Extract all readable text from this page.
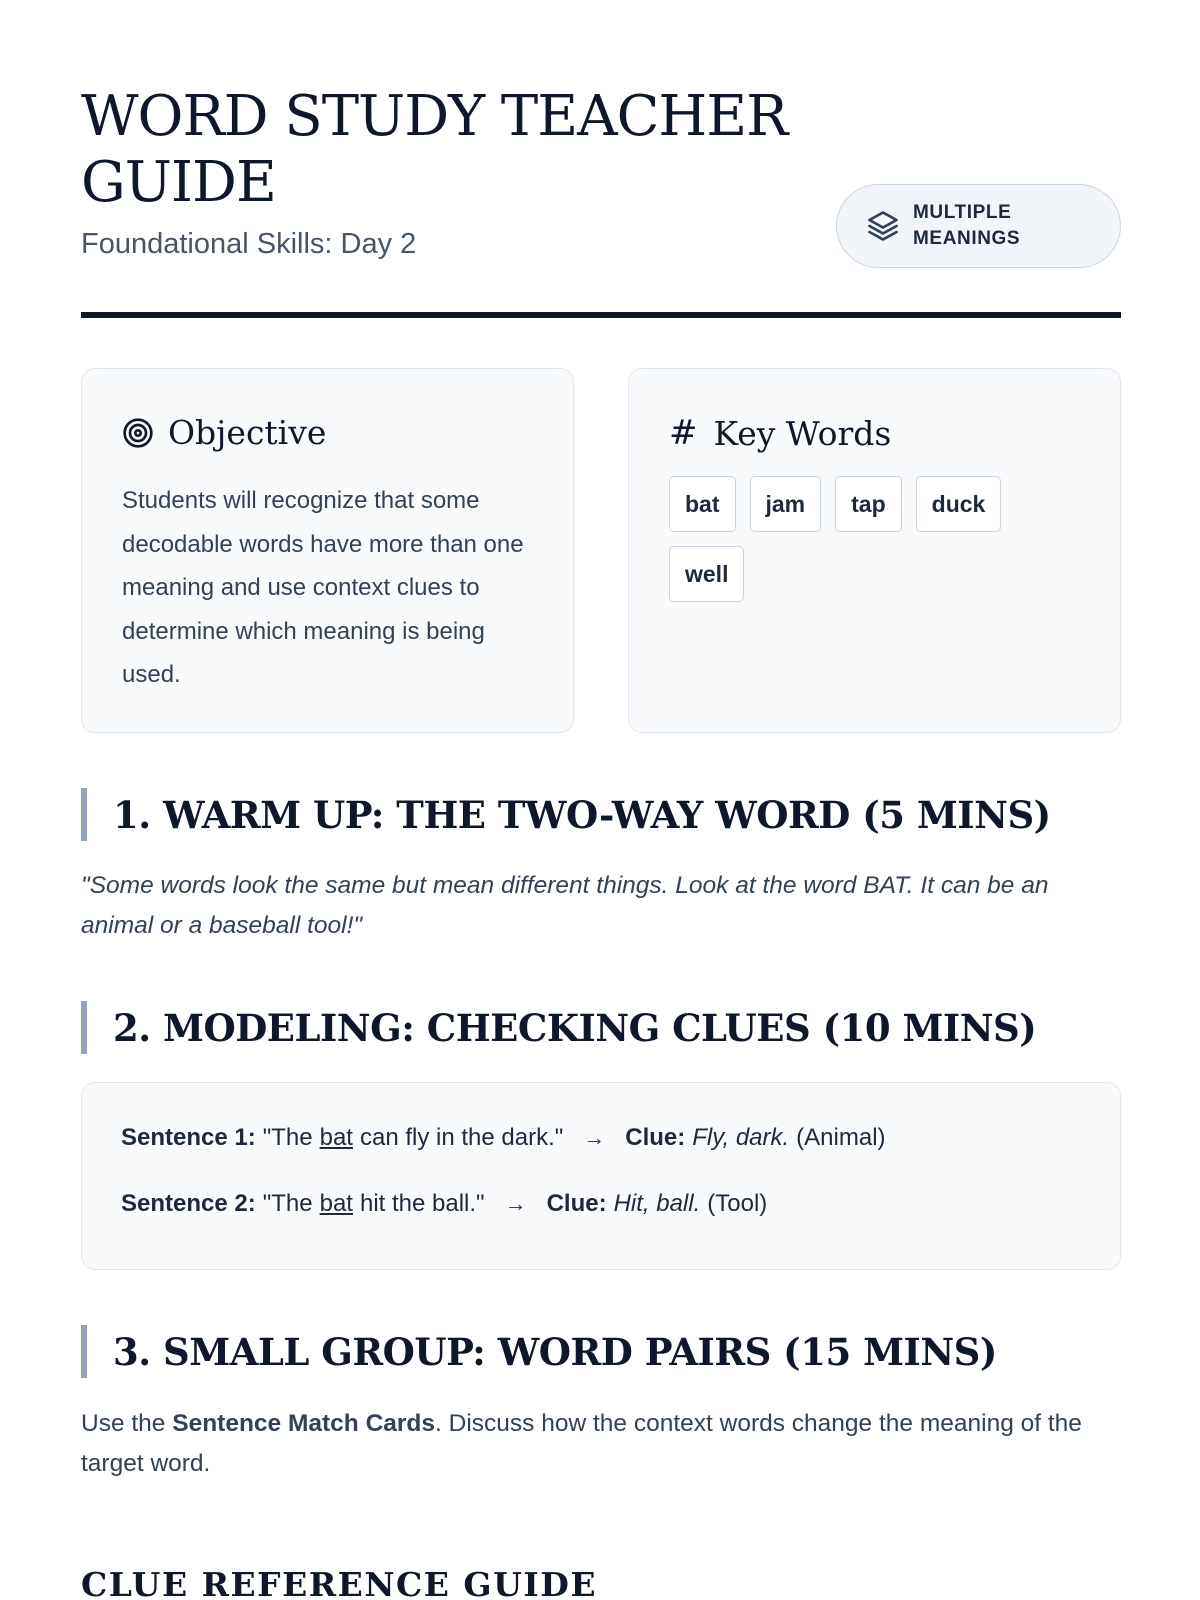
WORD STUDY TEACHER GUIDE
Foundational Skills: Day 2
MULTIPLE MEANINGS
Objective

Students will recognize that some decodable words have more than one meaning and use context clues to determine which meaning is being used.

# Key Words
bat	jam	tap	duck
well
1. WARM UP: THE TWO-WAY WORD (5 MINS)

"Some words look the same but mean different things. Look at the word BAT. It can be an animal or a baseball tool!"

2. MODELING: CHECKING CLUES (10 MINS)
Sentence 1: "The bat can fly in the dark." → Clue: Fly, dark. (Animal)
Sentence 2: "The bat hit the ball." → Clue: Hit, ball. (Tool)
3. SMALL GROUP: WORD PAIRS (15 MINS)

Use the Sentence Match Cards. Discuss how the context words change the meaning of the target word.

CLUE REFERENCE GUIDE
